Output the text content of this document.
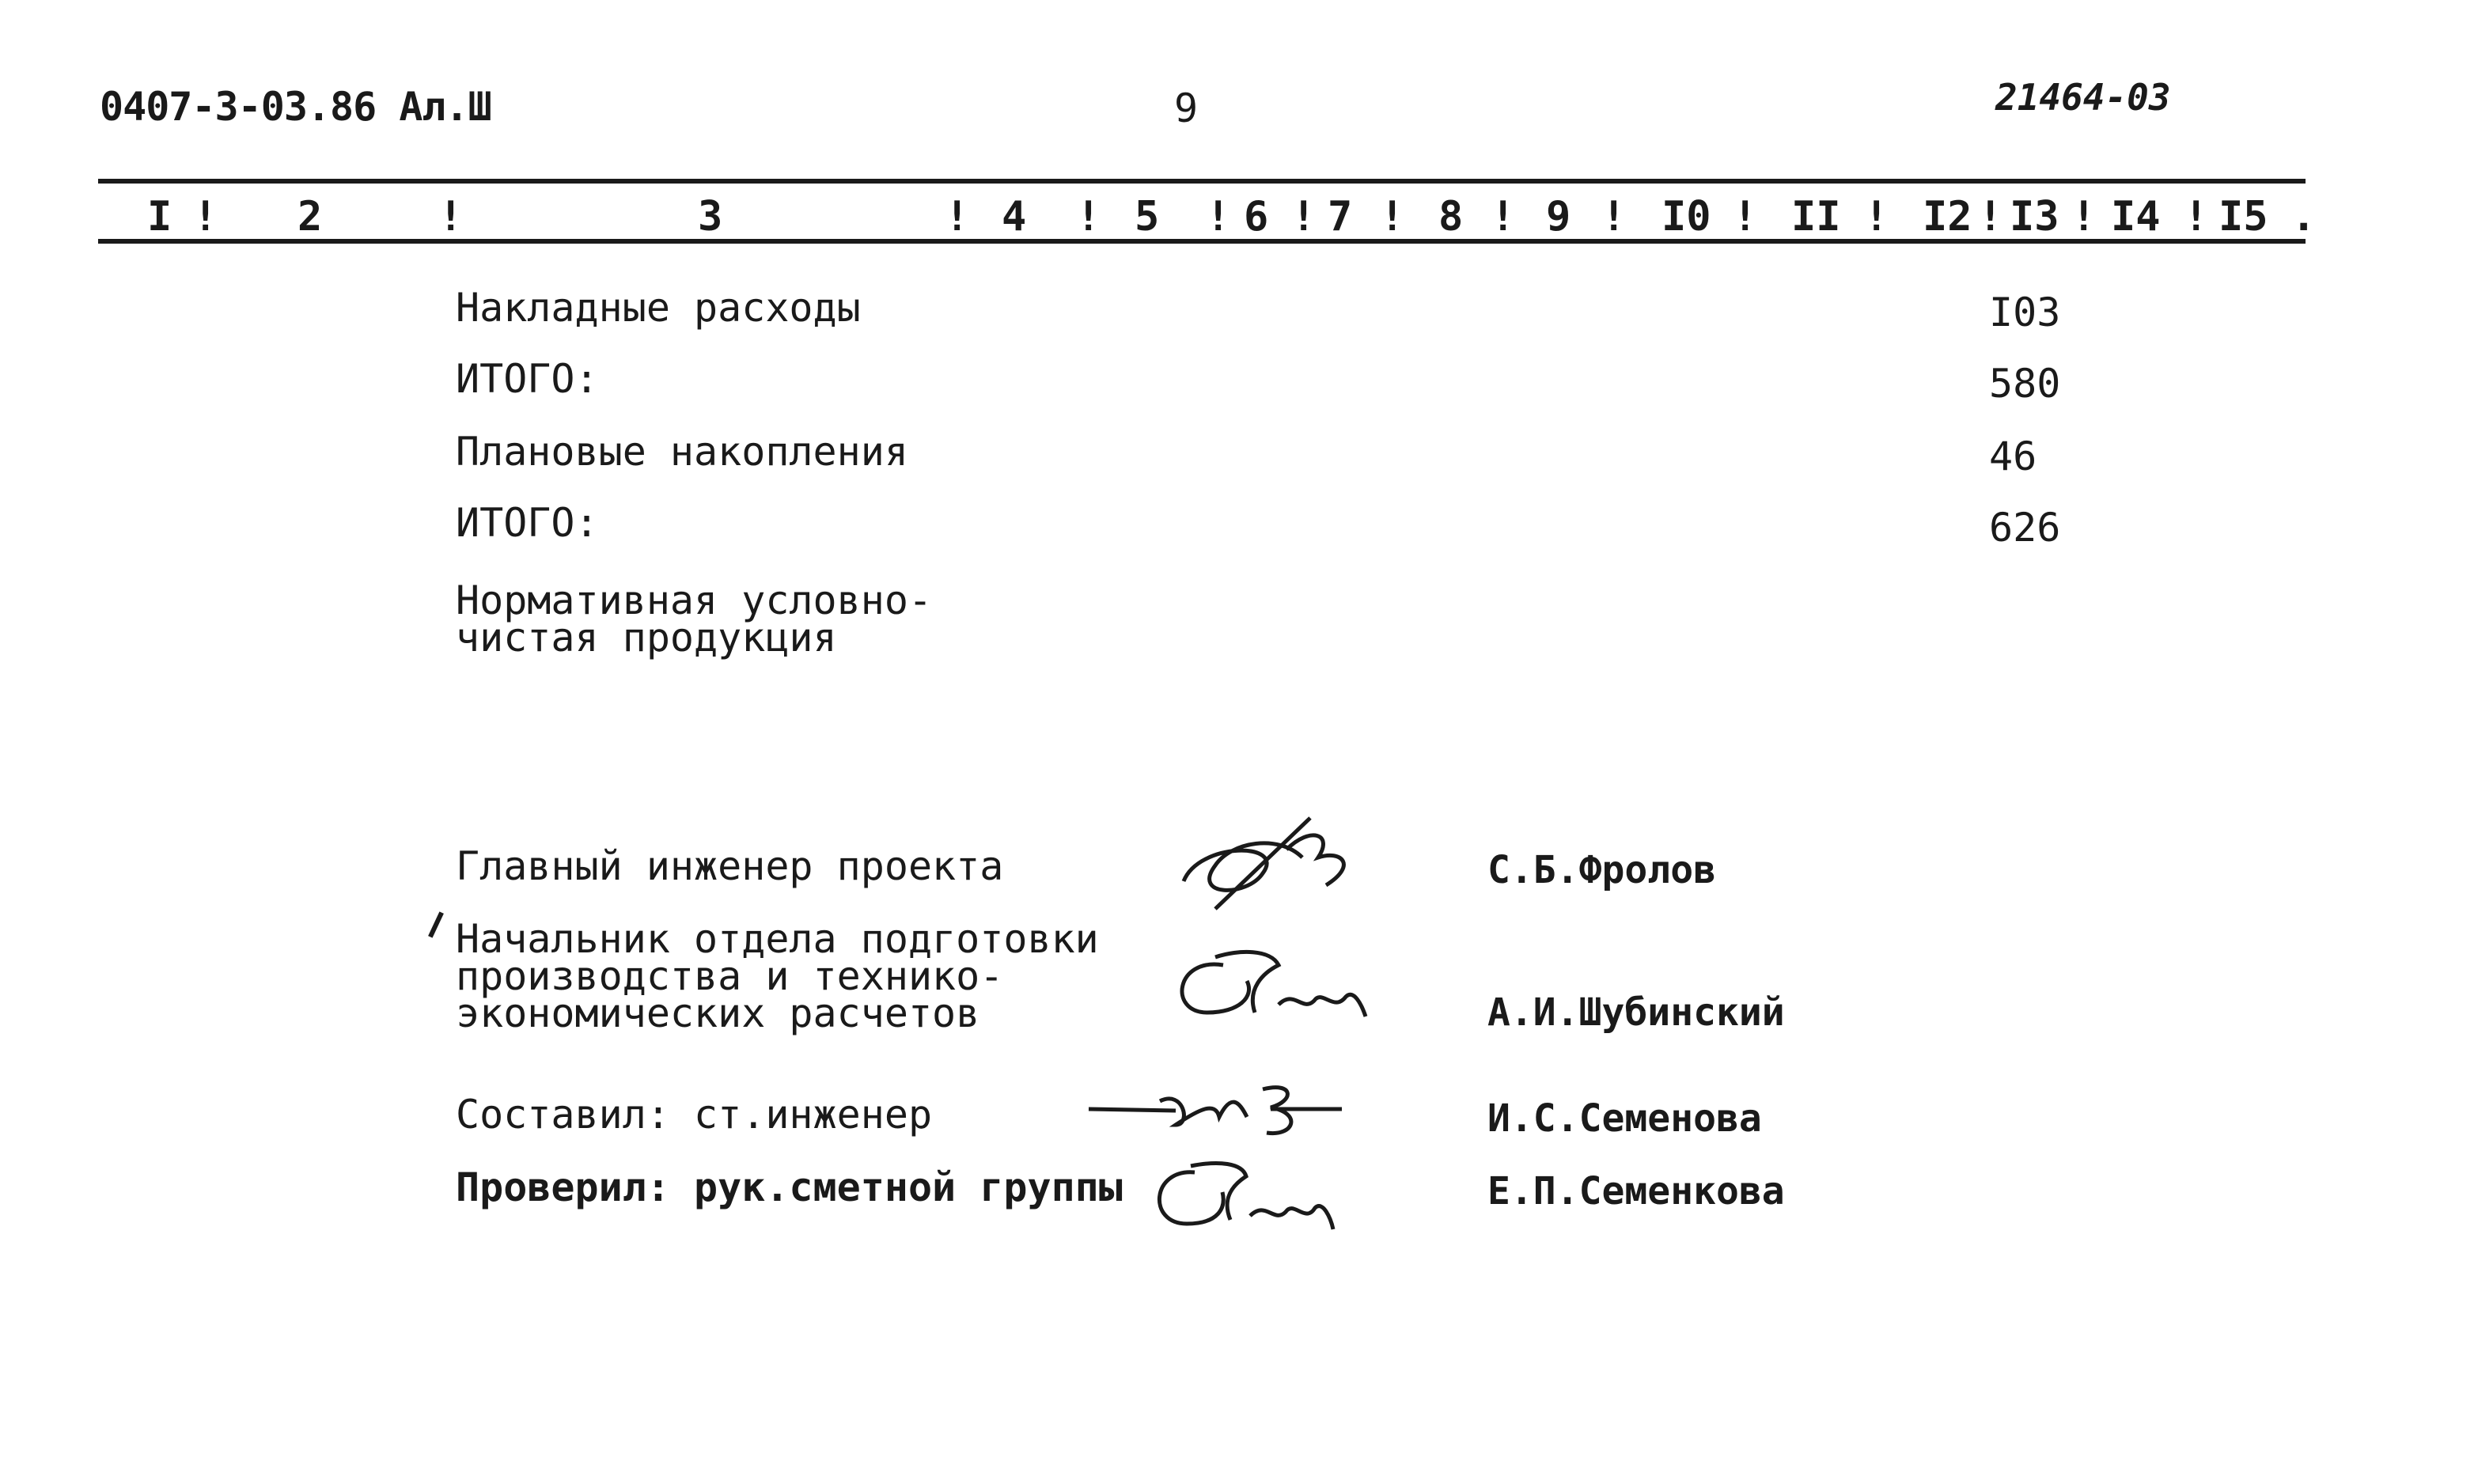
0407-3-03.86 Ал.Ш	9	21464-03
I ! 2	!	3	! 4 ! 5 ! 6 ! 7 ! 8 ! 9 ! I0 ! II ! I2 ! I3 ! I4 ! I5 .
Накладные расходы	I03
ИТОГО:	580
Плановые накопления	46
ИТОГО:	626
Нормативная условно-
чистая продукция
Главный инженер проекта	С.Б.Фролов
Начальник отдела подготовки
производства и технико-
экономических расчетов	А.И.Шубинский
Составил: ст.инженер	И.С.Семенова
Проверил: рук.сметной группы	Е.П.Семенкова
